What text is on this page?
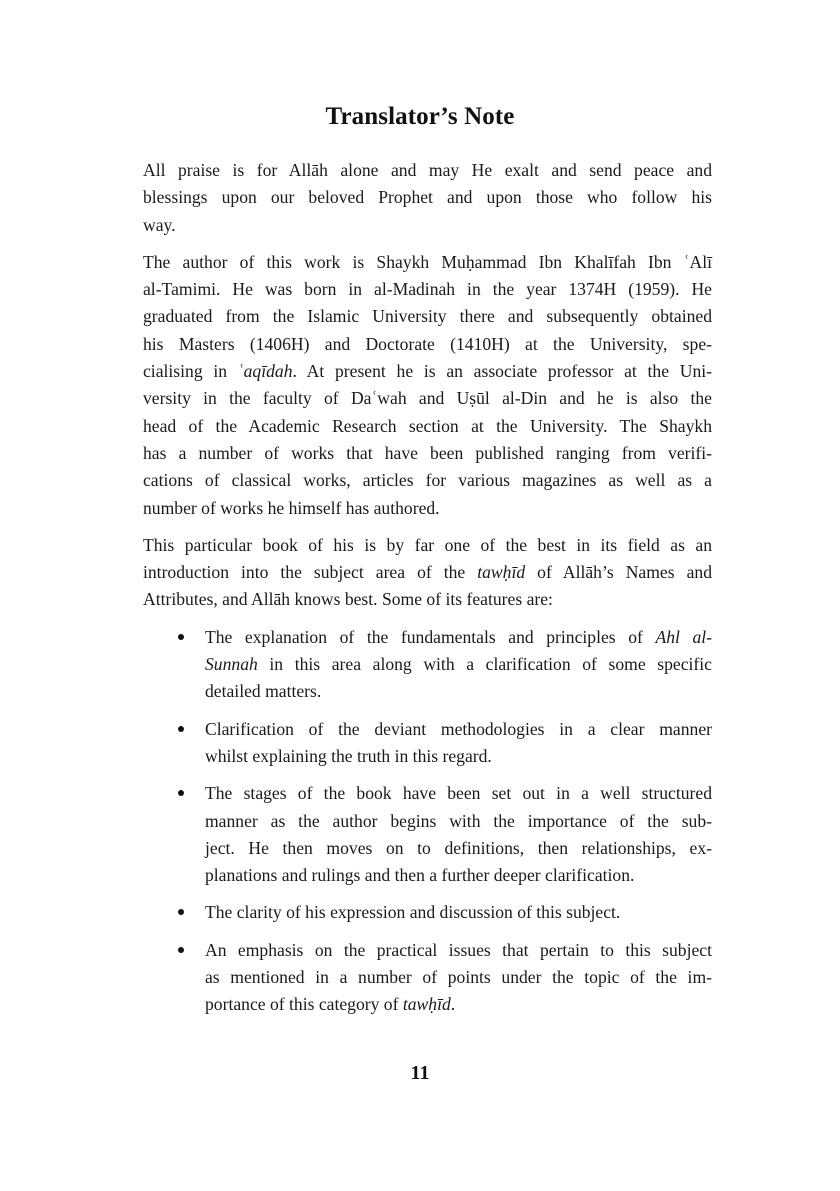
Translator’s Note
All praise is for Allāh alone and may He exalt and send peace and
blessings upon our beloved Prophet and upon those who follow his
way.
The author of this work is Shaykh Muḥammad Ibn Khalīfah Ibn ʿAlī
al-Tamimi. He was born in al-Madinah in the year 1374H (1959). He
graduated from the Islamic University there and subsequently obtained
his Masters (1406H) and Doctorate (1410H) at the University, spe-
cialising in ʿaqīdah. At present he is an associate professor at the Uni-
versity in the faculty of Daʿwah and Uṣūl al-Din and he is also the
head of the Academic Research section at the University. The Shaykh
has a number of works that have been published ranging from verifi-
cations of classical works, articles for various magazines as well as a
number of works he himself has authored.
This particular book of his is by far one of the best in its field as an
introduction into the subject area of the tawḥīd of Allāh’s Names and
Attributes, and Allāh knows best. Some of its features are:
The explanation of the fundamentals and principles of Ahl al-
Sunnah in this area along with a clarification of some specific
detailed matters.
Clarification of the deviant methodologies in a clear manner
whilst explaining the truth in this regard.
The stages of the book have been set out in a well structured
manner as the author begins with the importance of the sub-
ject. He then moves on to definitions, then relationships, ex-
planations and rulings and then a further deeper clarification.
The clarity of his expression and discussion of this subject.
An emphasis on the practical issues that pertain to this subject
as mentioned in a number of points under the topic of the im-
portance of this category of tawḥīd.
11
